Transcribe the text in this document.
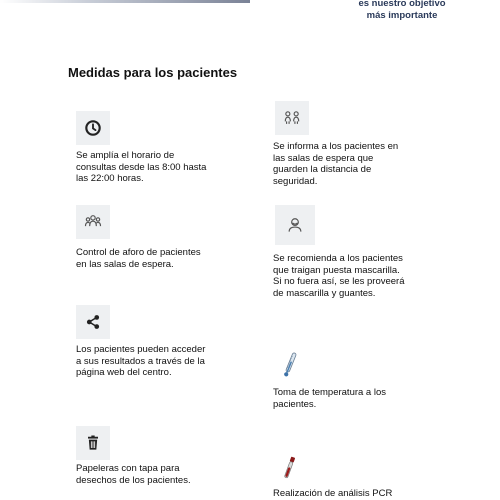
es nuestro objetivo
más importante
Medidas para los pacientes

Se amplía el horario de consultas desde las 8:00 hasta las 22:00 horas.

Control de aforo de pacientes en las salas de espera.

Los pacientes pueden acceder a sus resultados a través de la página web del centro.

Papeleras con tapa para desechos de los pacientes.

Se informa a los pacientes en las salas de espera que guarden la distancia de seguridad.

Se recomienda a los pacientes que traigan puesta mascarilla. Si no fuera así, se les proveerá de mascarilla y guantes.

Toma de temperatura a los pacientes.

Realización de análisis PCR
